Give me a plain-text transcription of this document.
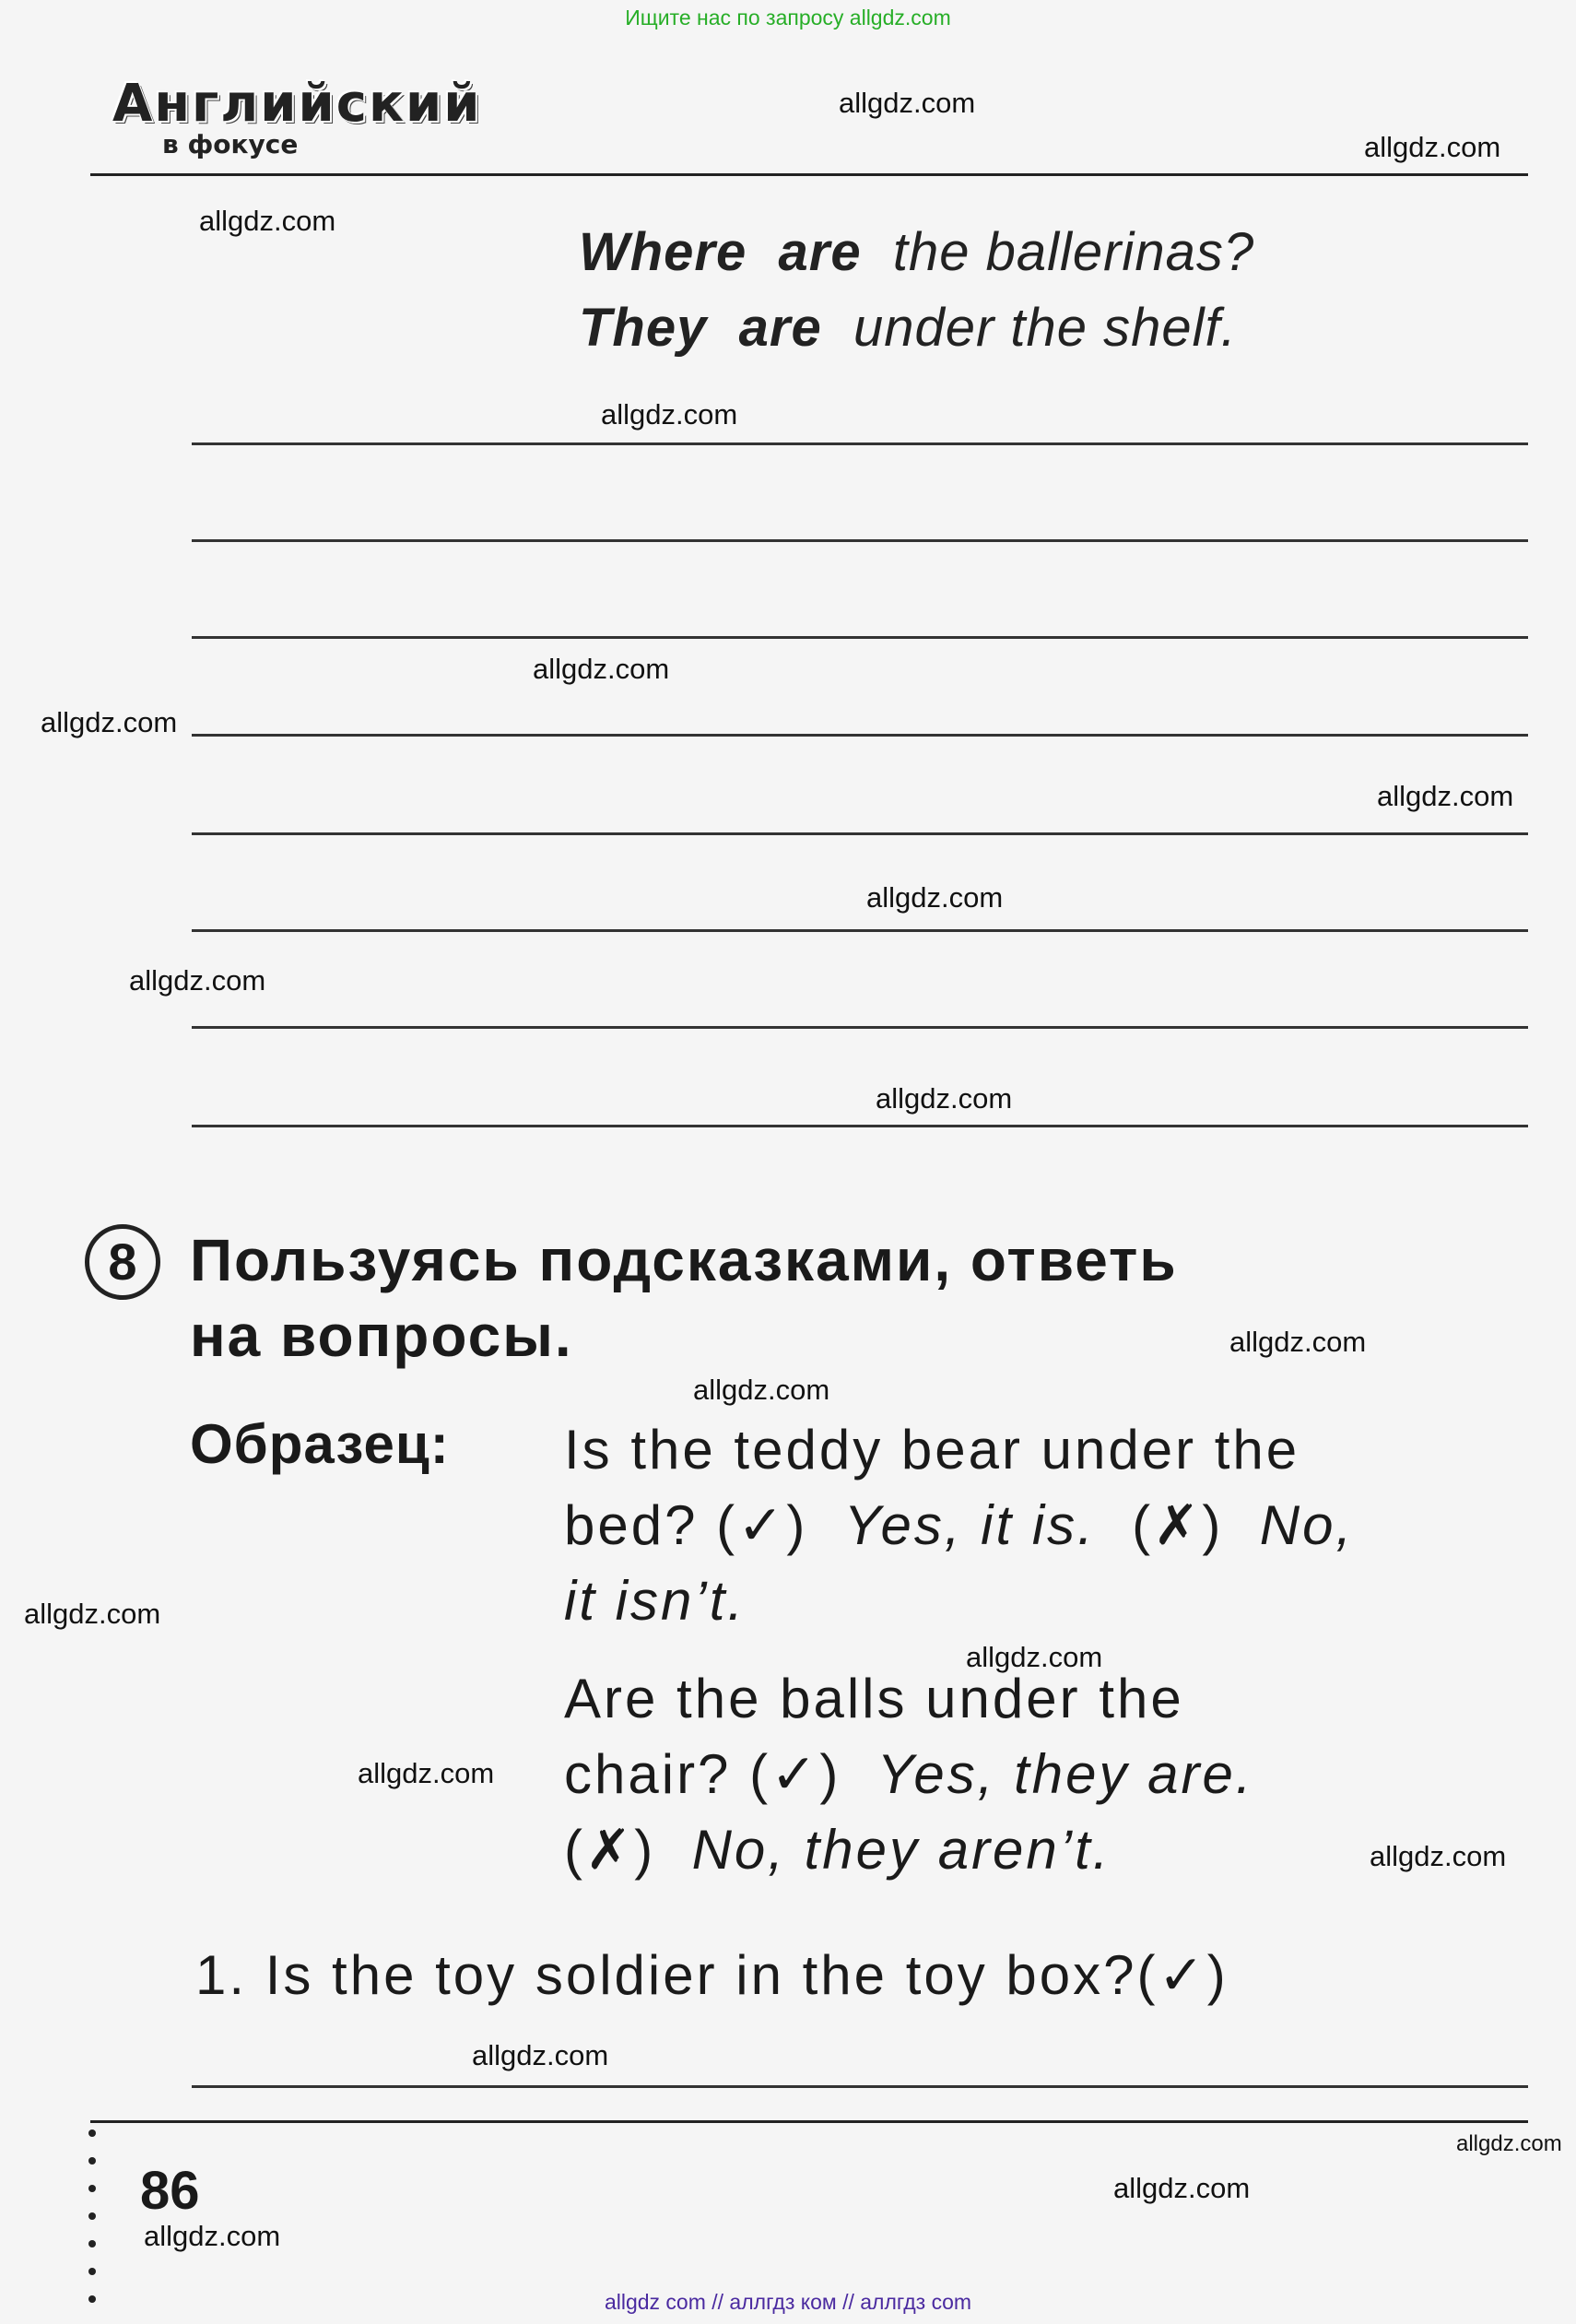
Ищите нас по запросу allgdz.com
allgdz com // аллгдз ком // аллгдз com
Английский
в фокусе
Where are the ballerinas?
They are under the shelf.
8 Пользуясь подсказками, ответь
на вопросы.
Образец: Is the teddy bear under the
bed? (✓) Yes, it is. (✗) No,
it isn’t.
Are the balls under the
chair? (✓) Yes, they are.
(✗) No, they aren’t.
1. Is the toy soldier in the toy box?(✓)
86
allgdz.com
allgdz.com
allgdz.com
allgdz.com
allgdz.com
allgdz.com
allgdz.com
allgdz.com
allgdz.com
allgdz.com
allgdz.com
allgdz.com
allgdz.com
allgdz.com
allgdz.com
allgdz.com
allgdz.com
allgdz.com
allgdz.com
allgdz.com
